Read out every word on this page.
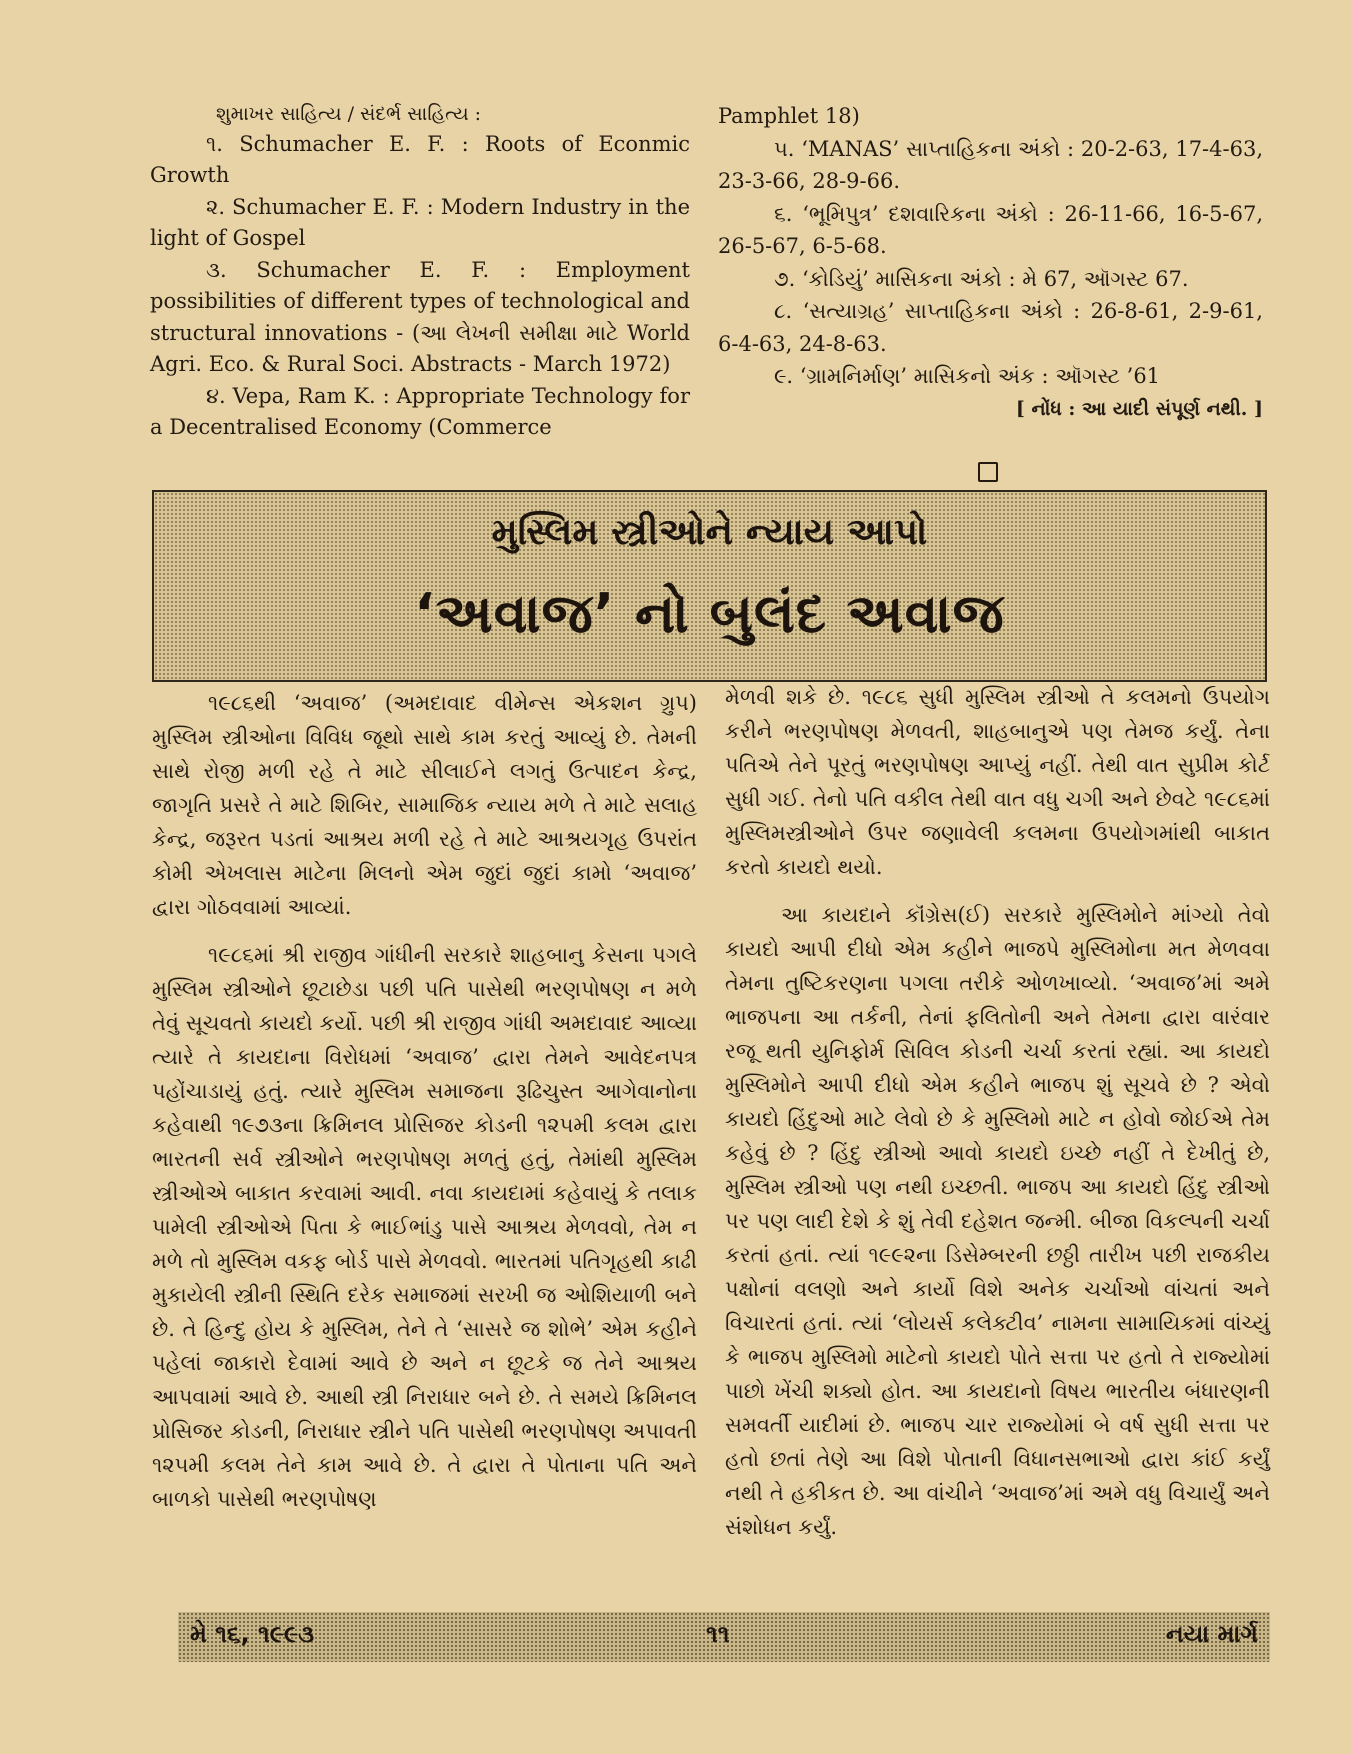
શુમાખર સાહિત્ય / સંદર્ભ સાહિત્ય :

૧. Schumacher E. F. : Roots of Econmic Growth

૨. Schumacher E. F. : Modern Industry in the light of Gospel

૩. Schumacher E. F. : Employment possibilities of different types of technological and structural innovations - (આ લેખની સમીક્ષા માટે World Agri. Eco. & Rural Soci. Abstracts - March 1972)

૪. Vepa, Ram K. : Appropriate Technology for a Decentralised Economy (Commerce

Pamphlet 18)

૫. ‘MANAS’ સાપ્તાહિકના અંકો : 20-2-63, 17-4-63, 23-3-66, 28-9-66.

૬. ‘ભૂમિપુત્ર’ દશવારિકના અંકો : 26-11-66, 16-5-67, 26-5-67, 6-5-68.

૭. ‘કોડિયું’ માસિકના અંકો : મે 67, ઑગસ્ટ 67.

૮. ‘સત્યાગ્રહ’ સાપ્તાહિકના અંકો : 26-8-61, 2-9-61, 6-4-63, 24-8-63.

૯. ‘ગ્રામનિર્માણ’ માસિકનો અંક : ઑગસ્ટ ’61

[ નોંધ : આ યાદી સંપૂર્ણ નથી. ]

મુસ્લિમ સ્ત્રીઓને ન્યાય આપો
‘અવાજ’ નો બુલંદ અવાજ

૧૯૮૬થી ‘અવાજ’ (અમદાવાદ વીમેન્સ એકશન ગ્રુપ) મુસ્લિમ સ્ત્રીઓના વિવિધ જૂથો સાથે કામ કરતું આવ્યું છે. તેમની સાથે રોજી મળી રહે તે માટે સીલાઈને લગતું ઉત્પાદન કેન્દ્ર, જાગૃતિ પ્રસરે તે માટે શિબિર, સામાજિક ન્યાય મળે તે માટે સલાહ કેન્દ્ર, જરૂરત પડતાં આશ્રય મળી રહે તે માટે આશ્રયગૃહ ઉપરાંત કોમી એખલાસ માટેના મિલનો એમ જુદાં જુદાં કામો ‘અવાજ’ દ્વારા ગોઠવવામાં આવ્યાં.

૧૯૮૬માં શ્રી રાજીવ ગાંધીની સરકારે શાહબાનુ કેસના પગલે મુસ્લિમ સ્ત્રીઓને છૂટાછેડા પછી પતિ પાસેથી ભરણપોષણ ન મળે તેવું સૂચવતો કાયદો કર્યો. પછી શ્રી રાજીવ ગાંધી અમદાવાદ આવ્યા ત્યારે તે કાયદાના વિરોધમાં ‘અવાજ’ દ્વારા તેમને આવેદનપત્ર પહોંચાડાયું હતું. ત્યારે મુસ્લિમ સમાજના રૂઢિચુસ્ત આગેવાનોના કહેવાથી ૧૯૭૩ના ક્રિમિનલ પ્રોસિજર કોડની ૧૨૫મી કલમ દ્વારા ભારતની સર્વ સ્ત્રીઓને ભરણપોષણ મળતું હતું, તેમાંથી મુસ્લિમ સ્ત્રીઓએ બાકાત કરવામાં આવી. નવા કાયદામાં કહેવાયું કે તલાક પામેલી સ્ત્રીઓએ પિતા કે ભાઈભાંડુ પાસે આશ્રય મેળવવો, તેમ ન મળે તો મુસ્લિમ વકફ બોર્ડ પાસે મેળવવો. ભારતમાં પતિગૃહથી કાઢી મુકાયેલી સ્ત્રીની સ્થિતિ દરેક સમાજમાં સરખી જ ઓશિયાળી બને છે. તે હિન્દુ હોય કે મુસ્લિમ, તેને તે ‘સાસરે જ શોભે’ એમ કહીને પહેલાં જાકારો દેવામાં આવે છે અને ન છૂટકે જ તેને આશ્રય આપવામાં આવે છે. આથી સ્ત્રી નિરાધાર બને છે. તે સમયે ક્રિમિનલ પ્રોસિજર કોડની, નિરાધાર સ્ત્રીને પતિ પાસેથી ભરણપોષણ અપાવતી ૧૨૫મી કલમ તેને કામ આવે છે. તે દ્વારા તે પોતાના પતિ અને બાળકો પાસેથી ભરણપોષણ

મેળવી શકે છે. ૧૯૮૬ સુધી મુસ્લિમ સ્ત્રીઓ તે કલમનો ઉપયોગ કરીને ભરણપોષણ મેળવતી, શાહબાનુએ પણ તેમજ કર્યું. તેના પતિએ તેને પૂરતું ભરણપોષણ આપ્યું નહીં. તેથી વાત સુપ્રીમ કોર્ટ સુધી ગઈ. તેનો પતિ વકીલ તેથી વાત વધુ ચગી અને છેવટે ૧૯૮૬માં મુસ્લિમસ્ત્રીઓને ઉપર જણાવેલી કલમના ઉપયોગમાંથી બાકાત કરતો કાયદો થયો.

આ કાયદાને કૉંગ્રેસ(ઈ) સરકારે મુસ્લિમોને માંગ્યો તેવો કાયદો આપી દીધો એમ કહીને ભાજપે મુસ્લિમોના મત મેળવવા તેમના તુષ્ટિકરણના પગલા તરીકે ઓળખાવ્યો. ‘અવાજ’માં અમે ભાજપના આ તર્કની, તેનાં ફલિતોની અને તેમના દ્વારા વારંવાર રજૂ થતી યુનિફોર્મ સિવિલ કોડની ચર્ચા કરતાં રહ્યાં. આ કાયદો મુસ્લિમોને આપી દીધો એમ કહીને ભાજપ શું સૂચવે છે ? એવો કાયદો હિંદુઓ માટે લેવો છે કે મુસ્લિમો માટે ન હોવો જોઈએ તેમ કહેવું છે ? હિંદુ સ્ત્રીઓ આવો કાયદો ઇચ્છે નહીં તે દેખીતું છે, મુસ્લિમ સ્ત્રીઓ પણ નથી ઇચ્છતી. ભાજપ આ કાયદો હિંદુ સ્ત્રીઓ પર પણ લાદી દેશે કે શું તેવી દહેશત જન્મી. બીજા વિકલ્પની ચર્ચા કરતાં હતાં. ત્યાં ૧૯૯૨ના ડિસેમ્બરની છઠ્ઠી તારીખ પછી રાજકીય પક્ષોનાં વલણો અને કાર્યો વિશે અનેક ચર્ચાઓ વાંચતાં અને વિચારતાં હતાં. ત્યાં ‘લોયર્સ કલેક્ટીવ’ નામના સામાયિકમાં વાંચ્યું કે ભાજપ મુસ્લિમો માટેનો કાયદો પોતે સત્તા પર હતો તે રાજ્યોમાં પાછો ખેંચી શક્યો હોત. આ કાયદાનો વિષય ભારતીય બંધારણની સમવર્તી યાદીમાં છે. ભાજપ ચાર રાજ્યોમાં બે વર્ષ સુધી સત્તા પર હતો છતાં તેણે આ વિશે પોતાની વિધાનસભાઓ દ્વારા કાંઈ કર્યું નથી તે હકીકત છે. આ વાંચીને ‘અવાજ’માં અમે વધુ વિચાર્યું અને સંશોધન કર્યું.

મે ૧૬, ૧૯૯૩	૧૧	નયા માર્ગ
